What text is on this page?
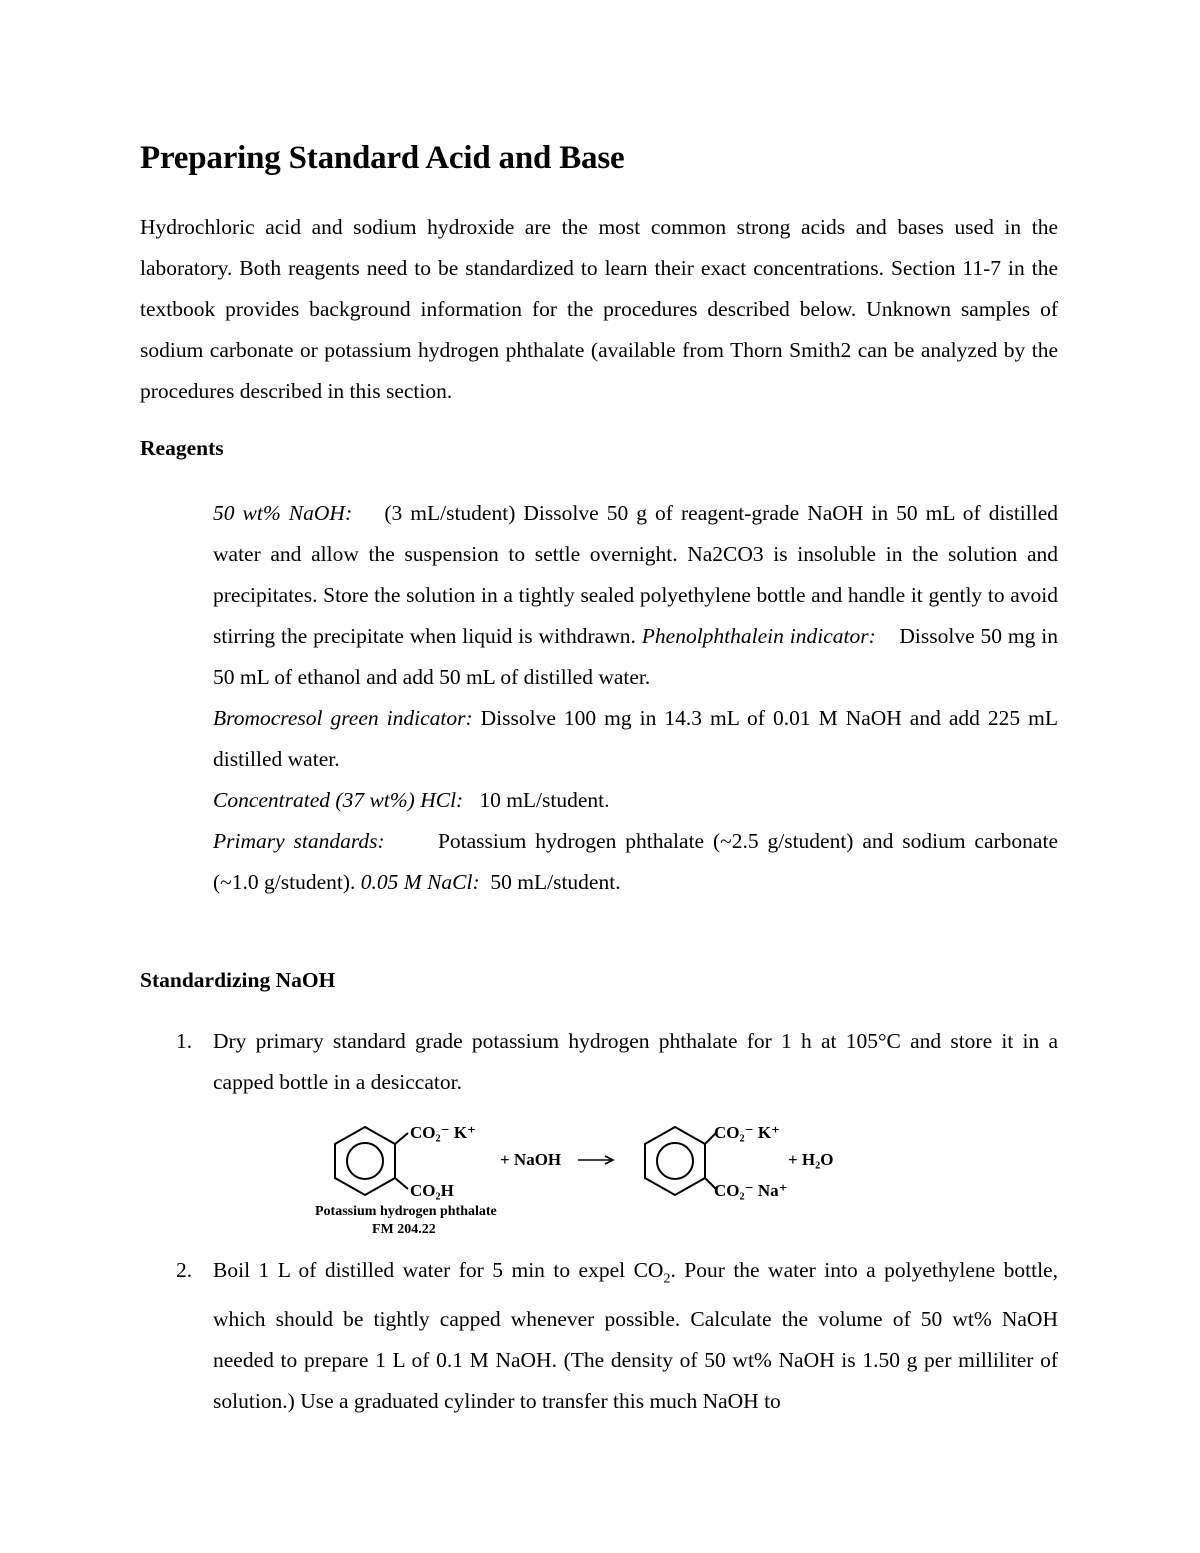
Preparing Standard Acid and Base

Hydrochloric acid and sodium hydroxide are the most common strong acids and bases used in the laboratory. Both reagents need to be standardized to learn their exact concentrations. Section 11-7 in the textbook provides background information for the procedures described below. Unknown samples of sodium carbonate or potassium hydrogen phthalate (available from Thorn Smith2 can be analyzed by the procedures described in this section.

Reagents

50 wt% NaOH: (3 mL/student) Dissolve 50 g of reagent-grade NaOH in 50 mL of distilled water and allow the suspension to settle overnight. Na2CO3 is insoluble in the solution and precipitates. Store the solution in a tightly sealed polyethylene bottle and handle it gently to avoid stirring the precipitate when liquid is withdrawn. Phenolphthalein indicator: Dissolve 50 mg in 50 mL of ethanol and add 50 mL of distilled water.

Bromocresol green indicator: Dissolve 100 mg in 14.3 mL of 0.01 M NaOH and add 225 mL distilled water.

Concentrated (37 wt%) HCl: 10 mL/student.

Primary standards: Potassium hydrogen phthalate (~2.5 g/student) and sodium carbonate (~1.0 g/student). 0.05 M NaCl: 50 mL/student.

Standardizing NaOH
1. Dry primary standard grade potassium hydrogen phthalate for 1 h at 105°C and store it in a capped bottle in a desiccator.
CO₂⁻ K⁺
CO₂H
+ NaOH
CO₂⁻ K⁺
CO₂⁻ Na⁺
+ H₂O
Potassium hydrogen phthalate
FM 204.22
2. Boil 1 L of distilled water for 5 min to expel $CO_2$. Pour the water into a polyethylene bottle, which should be tightly capped whenever possible. Calculate the volume of 50 wt% NaOH needed to prepare 1 L of 0.1 M NaOH. (The density of 50 wt% NaOH is 1.50 g per milliliter of solution.) Use a graduated cylinder to transfer this much NaOH to
